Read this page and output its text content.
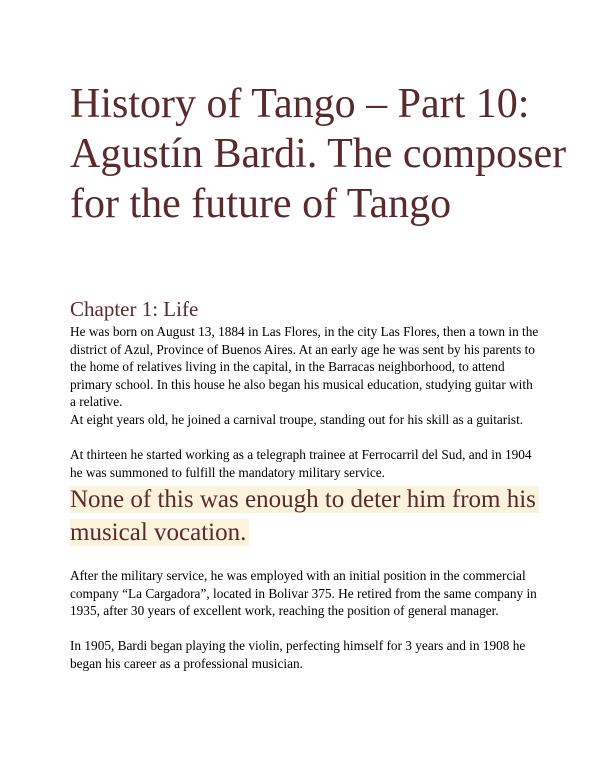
History of Tango – Part 10: Agustín Bardi. The composer for the future of Tango
Chapter 1: Life

He was born on August 13, 1884 in Las Flores, in the city Las Flores, then a town in the district of Azul, Province of Buenos Aires. At an early age he was sent by his parents to the home of relatives living in the capital, in the Barracas neighborhood, to attend primary school. In this house he also began his musical education, studying guitar with a relative.

At eight years old, he joined a carnival troupe, standing out for his skill as a guitarist.

At thirteen he started working as a telegraph trainee at Ferrocarril del Sud, and in 1904 he was summoned to fulfill the mandatory military service.

None of this was enough to deter him from his musical vocation.

After the military service, he was employed with an initial position in the commercial company “La Cargadora”, located in Bolivar 375. He retired from the same company in 1935, after 30 years of excellent work, reaching the position of general manager.

In 1905, Bardi began playing the violin, perfecting himself for 3 years and in 1908 he began his career as a professional musician.
